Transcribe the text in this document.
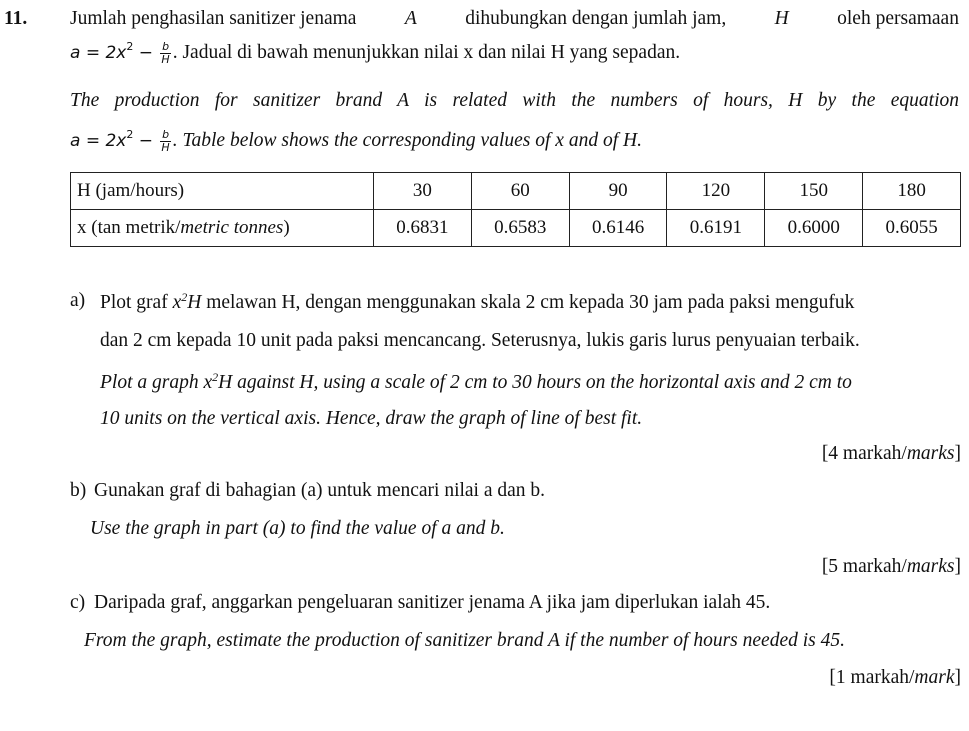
11. Jumlah penghasilan sanitizer jenama A dihubungkan dengan jumlah jam, H oleh persamaan
$a = 2x^2 - \frac{b}{H}$ . Jadual di bawah menunjukkan nilai x dan nilai H yang sepadan.
The production for sanitizer brand A is related with the numbers of hours, H by the equation
$a = 2x^2 - \frac{b}{H}$ . Table below shows the corresponding values of x and of H.
H (jam/hours)	30	60	90	120	150	180
x (tan metrik/metric tonnes)	0.6831	0.6583	0.6146	0.6191	0.6000	0.6055
a) Plot graf $x^2H$ melawan H, dengan menggunakan skala 2 cm kepada 30 jam pada paksi mengufuk
dan 2 cm kepada 10 unit pada paksi mencancang. Seterusnya, lukis garis lurus penyuaian terbaik.
Plot a graph $x^2H$ against H, using a scale of 2 cm to 30 hours on the horizontal axis and 2 cm to
10 units on the vertical axis. Hence, draw the graph of line of best fit.
[4 markah/marks]
b) Gunakan graf di bahagian (a) untuk mencari nilai a dan b.
Use the graph in part (a) to find the value of a and b.
[5 markah/marks]
c) Daripada graf, anggarkan pengeluaran sanitizer jenama A jika jam diperlukan ialah 45.
From the graph, estimate the production of sanitizer brand A if the number of hours needed is 45.
[1 markah/mark]
